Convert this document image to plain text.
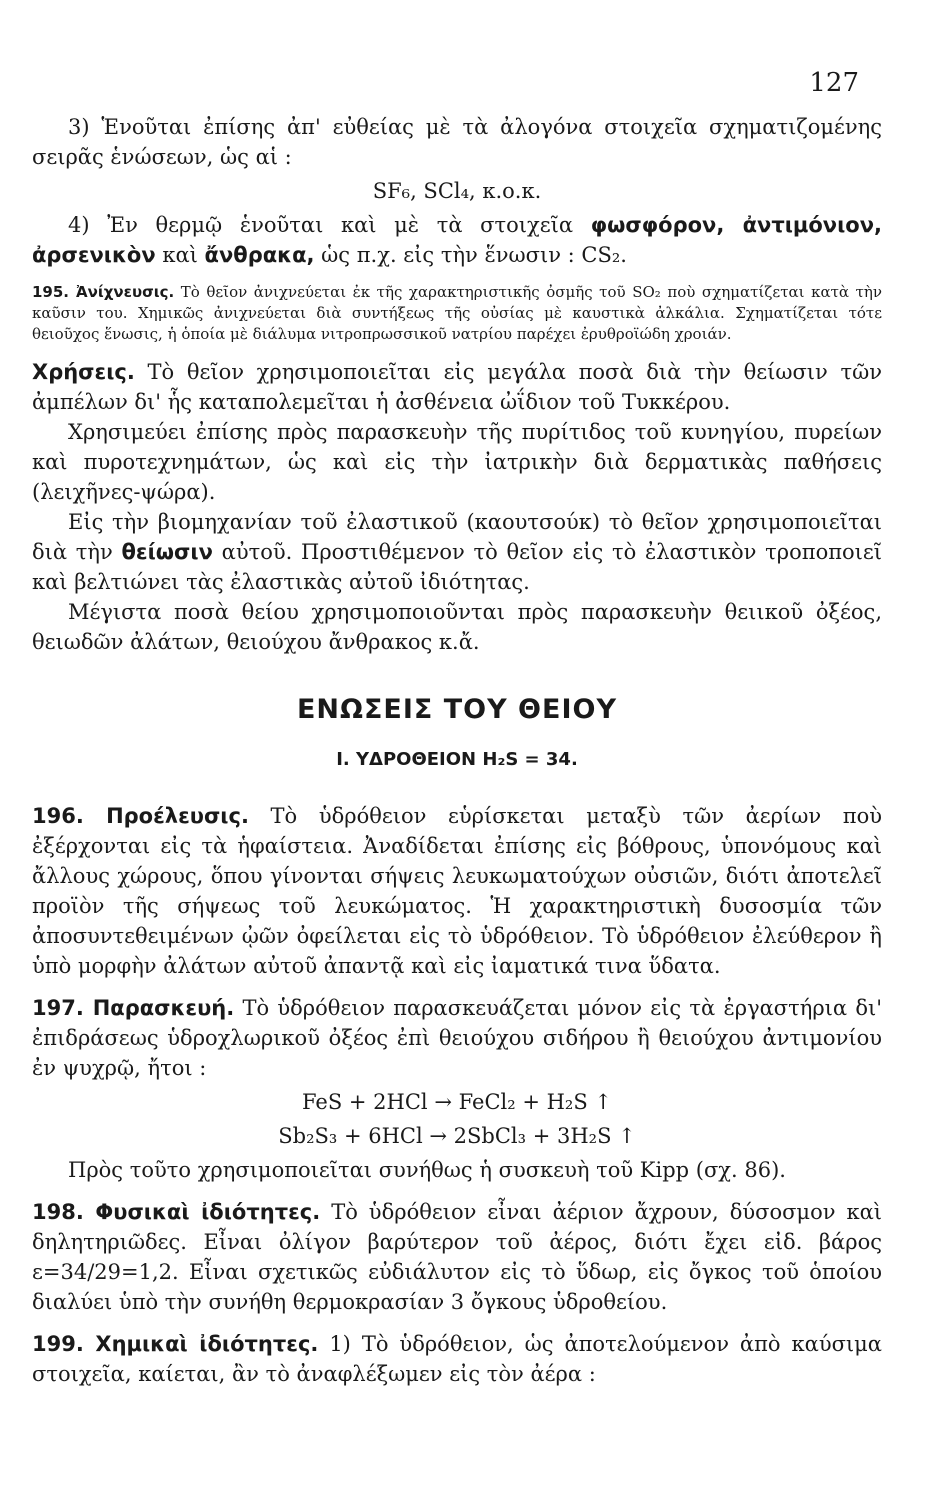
127

3) Ἑνοῦται ἐπίσης ἀπ' εὐθείας μὲ τὰ ἀλογόνα στοιχεῖα σχηματιζομένης σειρᾶς ἑνώσεων, ὡς αἱ :

SF₆, SCl₄, κ.ο.κ.

4) Ἐν θερμῷ ἑνοῦται καὶ μὲ τὰ στοιχεῖα φωσφόρον, ἀντιμόνιον, ἀρσενικὸν καὶ ἄνθρακα, ὡς π.χ. εἰς τὴν ἕνωσιν : CS₂.

195. Ἀνίχνευσις. Τὸ θεῖον ἀνιχνεύεται ἐκ τῆς χαρακτηριστικῆς ὀσμῆς τοῦ SO₂ ποὺ σχηματίζεται κατὰ τὴν καῦσιν του. Χημικῶς ἀνιχνεύεται διὰ συντήξεως τῆς οὐσίας μὲ καυστικὰ ἀλκάλια. Σχηματίζεται τότε θειοῦχος ἕνωσις, ἡ ὁποία μὲ διάλυμα νιτροπρωσσικοῦ νατρίου παρέχει ἐρυθροϊώδη χροιάν.

Χρήσεις. Τὸ θεῖον χρησιμοποιεῖται εἰς μεγάλα ποσὰ διὰ τὴν θείωσιν τῶν ἀμπέλων δι' ἧς καταπολεμεῖται ἡ ἀσθένεια ὠΐδιον τοῦ Τυκκέρου.

Χρησιμεύει ἐπίσης πρὸς παρασκευὴν τῆς πυρίτιδος τοῦ κυνηγίου, πυρείων καὶ πυροτεχνημάτων, ὡς καὶ εἰς τὴν ἰατρικὴν διὰ δερματικὰς παθήσεις (λειχῆνες-ψώρα).

Εἰς τὴν βιομηχανίαν τοῦ ἐλαστικοῦ (καουτσούκ) τὸ θεῖον χρησιμοποιεῖται διὰ τὴν θείωσιν αὐτοῦ. Προστιθέμενον τὸ θεῖον εἰς τὸ ἐλαστικὸν τροποποιεῖ καὶ βελτιώνει τὰς ἐλαστικὰς αὐτοῦ ἰδιότητας.

Μέγιστα ποσὰ θείου χρησιμοποιοῦνται πρὸς παρασκευὴν θειικοῦ ὀξέος, θειωδῶν ἀλάτων, θειούχου ἄνθρακος κ.ἄ.

ΕΝΩΣΕΙΣ ΤΟΥ ΘΕΙΟΥ
Ι. ΥΔΡΟΘΕΙΟΝ H₂S = 34.

196. Προέλευσις. Τὸ ὑδρόθειον εὑρίσκεται μεταξὺ τῶν ἀερίων ποὺ ἐξέρχονται εἰς τὰ ἡφαίστεια. Ἀναδίδεται ἐπίσης εἰς βόθρους, ὑπονόμους καὶ ἄλλους χώρους, ὅπου γίνονται σήψεις λευκωματούχων οὐσιῶν, διότι ἀποτελεῖ προϊὸν τῆς σήψεως τοῦ λευκώματος. Ἡ χαρακτηριστικὴ δυσοσμία τῶν ἀποσυντεθειμένων ᾠῶν ὀφείλεται εἰς τὸ ὑδρόθειον. Τὸ ὑδρόθειον ἐλεύθερον ἢ ὑπὸ μορφὴν ἀλάτων αὐτοῦ ἀπαντᾷ καὶ εἰς ἰαματικά τινα ὕδατα.

197. Παρασκευή. Τὸ ὑδρόθειον παρασκευάζεται μόνον εἰς τὰ ἐργαστήρια δι' ἐπιδράσεως ὑδροχλωρικοῦ ὀξέος ἐπὶ θειούχου σιδήρου ἢ θειούχου ἀντιμονίου ἐν ψυχρῷ, ἤτοι :

FeS + 2HCl → FeCl₂ + H₂S ↑

Sb₂S₃ + 6HCl → 2SbCl₃ + 3H₂S ↑

Πρὸς τοῦτο χρησιμοποιεῖται συνήθως ἡ συσκευὴ τοῦ Kipp (σχ. 86).

198. Φυσικαὶ ἰδιότητες. Τὸ ὑδρόθειον εἶναι ἀέριον ἄχρουν, δύσοσμον καὶ δηλητηριῶδες. Εἶναι ὀλίγον βαρύτερον τοῦ ἀέρος, διότι ἔχει εἰδ. βάρος ε=34/29=1,2. Εἶναι σχετικῶς εὐδιάλυτον εἰς τὸ ὕδωρ, εἰς ὄγκος τοῦ ὁποίου διαλύει ὑπὸ τὴν συνήθη θερμοκρασίαν 3 ὄγκους ὑδροθείου.

199. Χημικαὶ ἰδιότητες. 1) Τὸ ὑδρόθειον, ὡς ἀποτελούμενον ἀπὸ καύσιμα στοιχεῖα, καίεται, ἂν τὸ ἀναφλέξωμεν εἰς τὸν ἀέρα :
